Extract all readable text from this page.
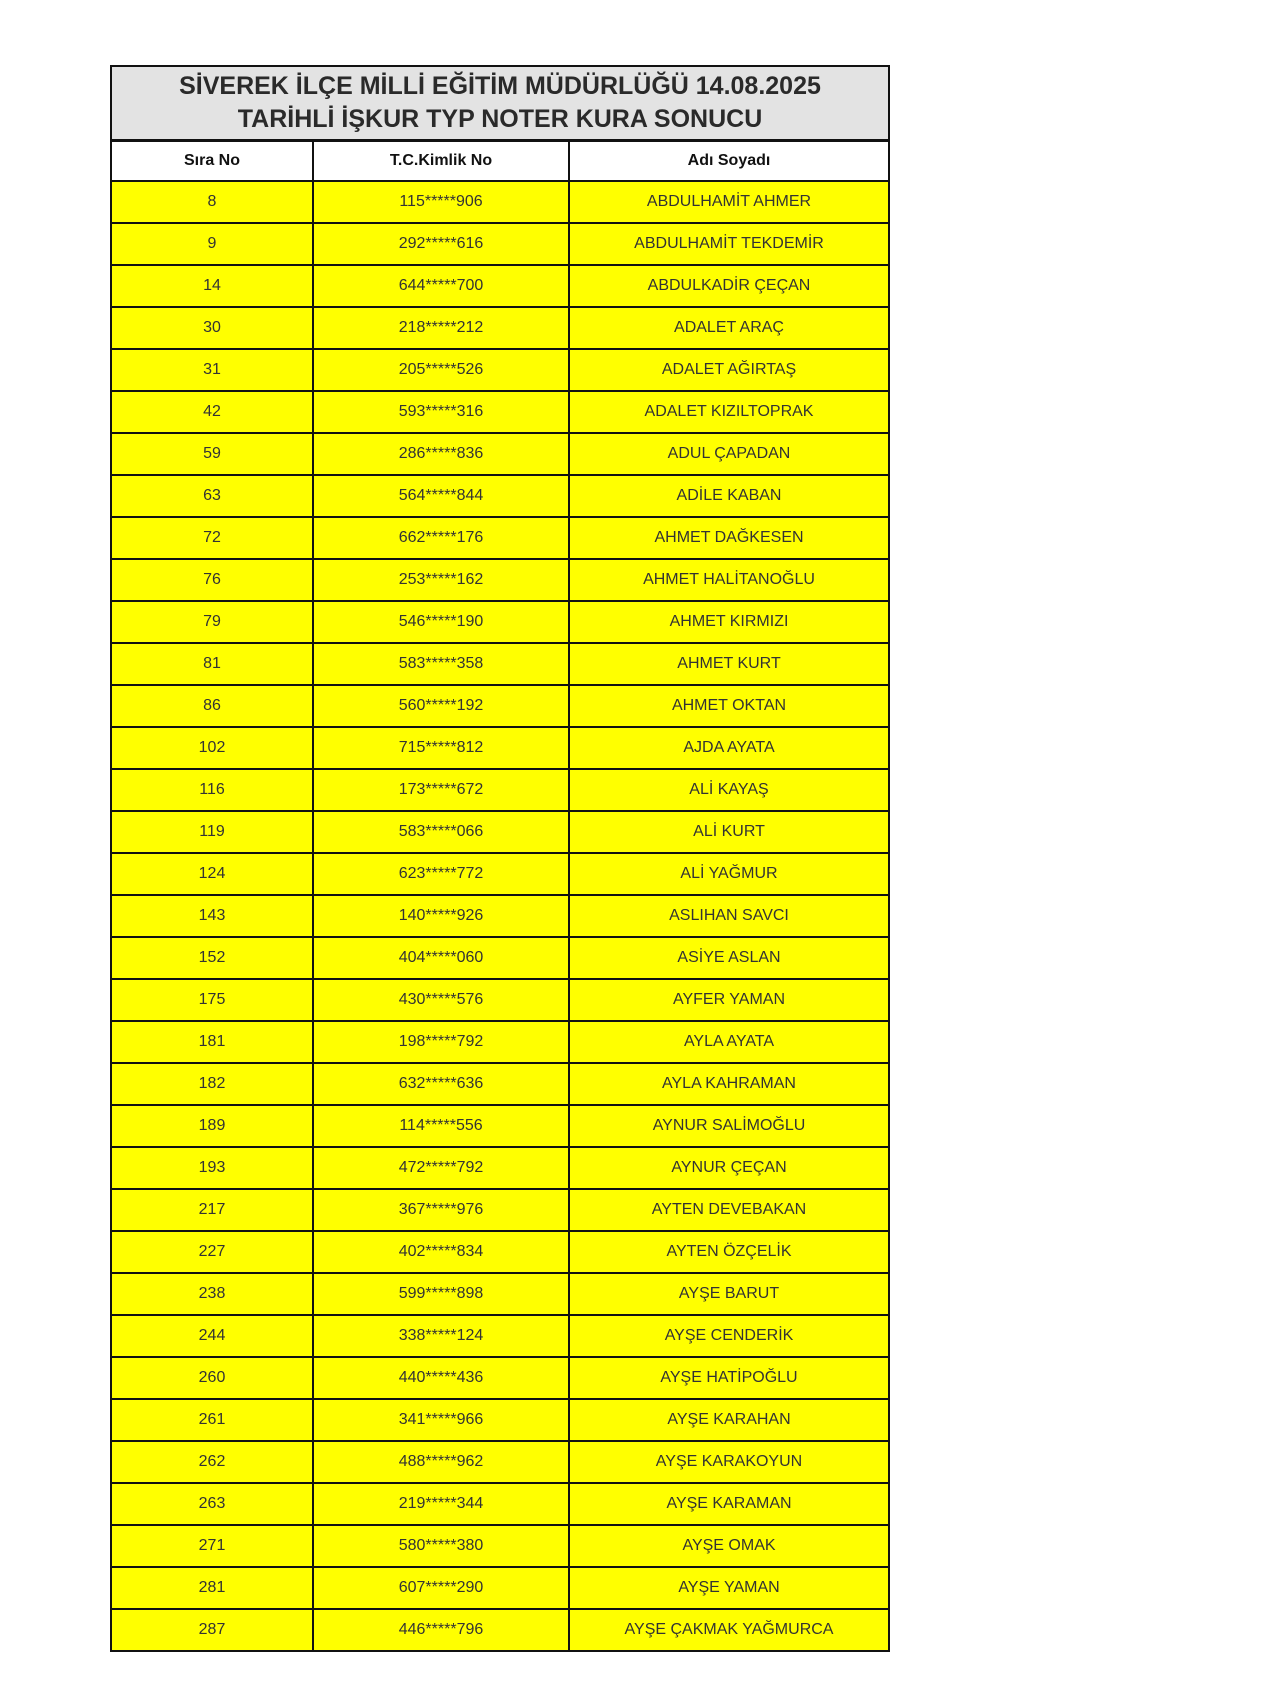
SİVEREK İLÇE MİLLİ EĞİTİM MÜDÜRLÜĞÜ 14.08.2025
TARİHLİ İŞKUR TYP NOTER KURA SONUCU		

Sıra No	T.C.Kimlik No	Adı Soyadı
8	115*****906	ABDULHAMİT AHMER
9	292*****616	ABDULHAMİT TEKDEMİR
14	644*****700	ABDULKADİR ÇEÇAN
30	218*****212	ADALET ARAÇ
31	205*****526	ADALET AĞIRTAŞ
42	593*****316	ADALET KIZILTOPRAK
59	286*****836	ADUL ÇAPADAN
63	564*****844	ADİLE KABAN
72	662*****176	AHMET DAĞKESEN
76	253*****162	AHMET HALİTANOĞLU
79	546*****190	AHMET KIRMIZI
81	583*****358	AHMET KURT
86	560*****192	AHMET OKTAN
102	715*****812	AJDA AYATA
116	173*****672	ALİ KAYAŞ
119	583*****066	ALİ KURT
124	623*****772	ALİ YAĞMUR
143	140*****926	ASLIHAN SAVCI
152	404*****060	ASİYE ASLAN
175	430*****576	AYFER YAMAN
181	198*****792	AYLA AYATA
182	632*****636	AYLA KAHRAMAN
189	114*****556	AYNUR SALİMOĞLU
193	472*****792	AYNUR ÇEÇAN
217	367*****976	AYTEN DEVEBAKAN
227	402*****834	AYTEN ÖZÇELİK
238	599*****898	AYŞE BARUT
244	338*****124	AYŞE CENDERİK
260	440*****436	AYŞE HATİPOĞLU
261	341*****966	AYŞE KARAHAN
262	488*****962	AYŞE KARAKOYUN
263	219*****344	AYŞE KARAMAN
271	580*****380	AYŞE OMAK
281	607*****290	AYŞE YAMAN
287	446*****796	AYŞE ÇAKMAK YAĞMURCA
